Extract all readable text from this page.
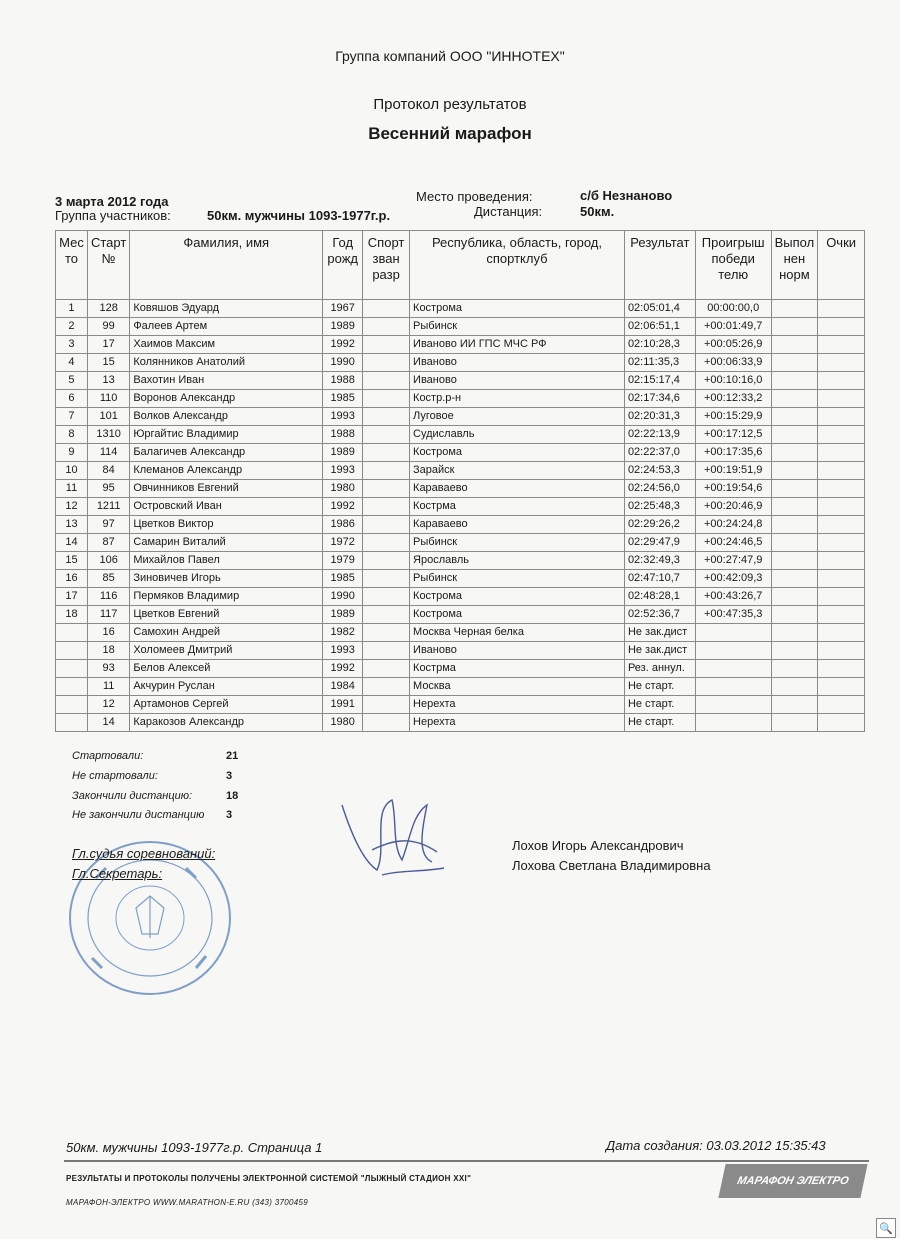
Группа компаний ООО "ИННОТЕХ"
Протокол результатов
Весенний марафон
3 марта 2012 года
Группа участников:	50км. мужчины 1093-1977г.р.
Место проведения:	с/б Незнаново
Дистанция:	50км.
Мес то	Старт №	Фамилия, имя	Год рожд	Спорт зван разр	Республика, область, город, спортклуб	Результат	Проигрыш победи телю	Выпол нен норм	Очки
1	128	Ковяшов Эдуард	1967		Кострома	02:05:01,4	00:00:00,0		
2	99	Фалеев Артем	1989		Рыбинск	02:06:51,1	+00:01:49,7		
3	17	Хаимов Максим	1992		Иваново ИИ ГПС МЧС РФ	02:10:28,3	+00:05:26,9		
4	15	Колянников Анатолий	1990		Иваново	02:11:35,3	+00:06:33,9		
5	13	Вахотин Иван	1988		Иваново	02:15:17,4	+00:10:16,0		
6	110	Воронов Александр	1985		Костр.р-н	02:17:34,6	+00:12:33,2		
7	101	Волков Александр	1993		Луговое	02:20:31,3	+00:15:29,9		
8	1310	Юргайтис Владимир	1988		Судиславль	02:22:13,9	+00:17:12,5		
9	114	Балагичев Александр	1989		Кострома	02:22:37,0	+00:17:35,6		
10	84	Клеманов Александр	1993		Зарайск	02:24:53,3	+00:19:51,9		
11	95	Овчинников Евгений	1980		Караваево	02:24:56,0	+00:19:54,6		
12	1211	Островский Иван	1992		Кострма	02:25:48,3	+00:20:46,9		
13	97	Цветков Виктор	1986		Караваево	02:29:26,2	+00:24:24,8		
14	87	Самарин Виталий	1972		Рыбинск	02:29:47,9	+00:24:46,5		
15	106	Михайлов Павел	1979		Ярославль	02:32:49,3	+00:27:47,9		
16	85	Зиновичев Игорь	1985		Рыбинск	02:47:10,7	+00:42:09,3		
17	116	Пермяков Владимир	1990		Кострома	02:48:28,1	+00:43:26,7		
18	117	Цветков Евгений	1989		Кострома	02:52:36,7	+00:47:35,3		
	16	Самохин Андрей	1982		Москва Черная белка	Не зак.дист			
	18	Холомеев Дмитрий	1993		Иваново	Не зак.дист			
	93	Белов Алексей	1992		Кострма	Рез. аннул.			
	11	Акчурин Руслан	1984		Москва	Не старт.			
	12	Артамонов Сергей	1991		Нерехта	Не старт.			
	14	Каракозов Александр	1980		Нерехта	Не старт.			
Стартовали:	21
Не стартовали:	3
Закончили дистанцию:	18
Не закончили дистанцию 3
Гл.судья соревнований:
Гл.Секретарь:
Лохов Игорь Александрович
Лохова Светлана Владимировна
50км. мужчины 1093-1977г.р. Страница 1	Дата создания: 03.03.2012 15:35:43
РЕЗУЛЬТАТЫ И ПРОТОКОЛЫ ПОЛУЧЕНЫ ЭЛЕКТРОННОЙ СИСТЕМОЙ "ЛЫЖНЫЙ СТАДИОН XXI"
МАРАФОН-ЭЛЕКТРО WWW.MARATHON-E.RU (343) 3700459
МАРАФОН ЭЛЕКТРО
🔍
